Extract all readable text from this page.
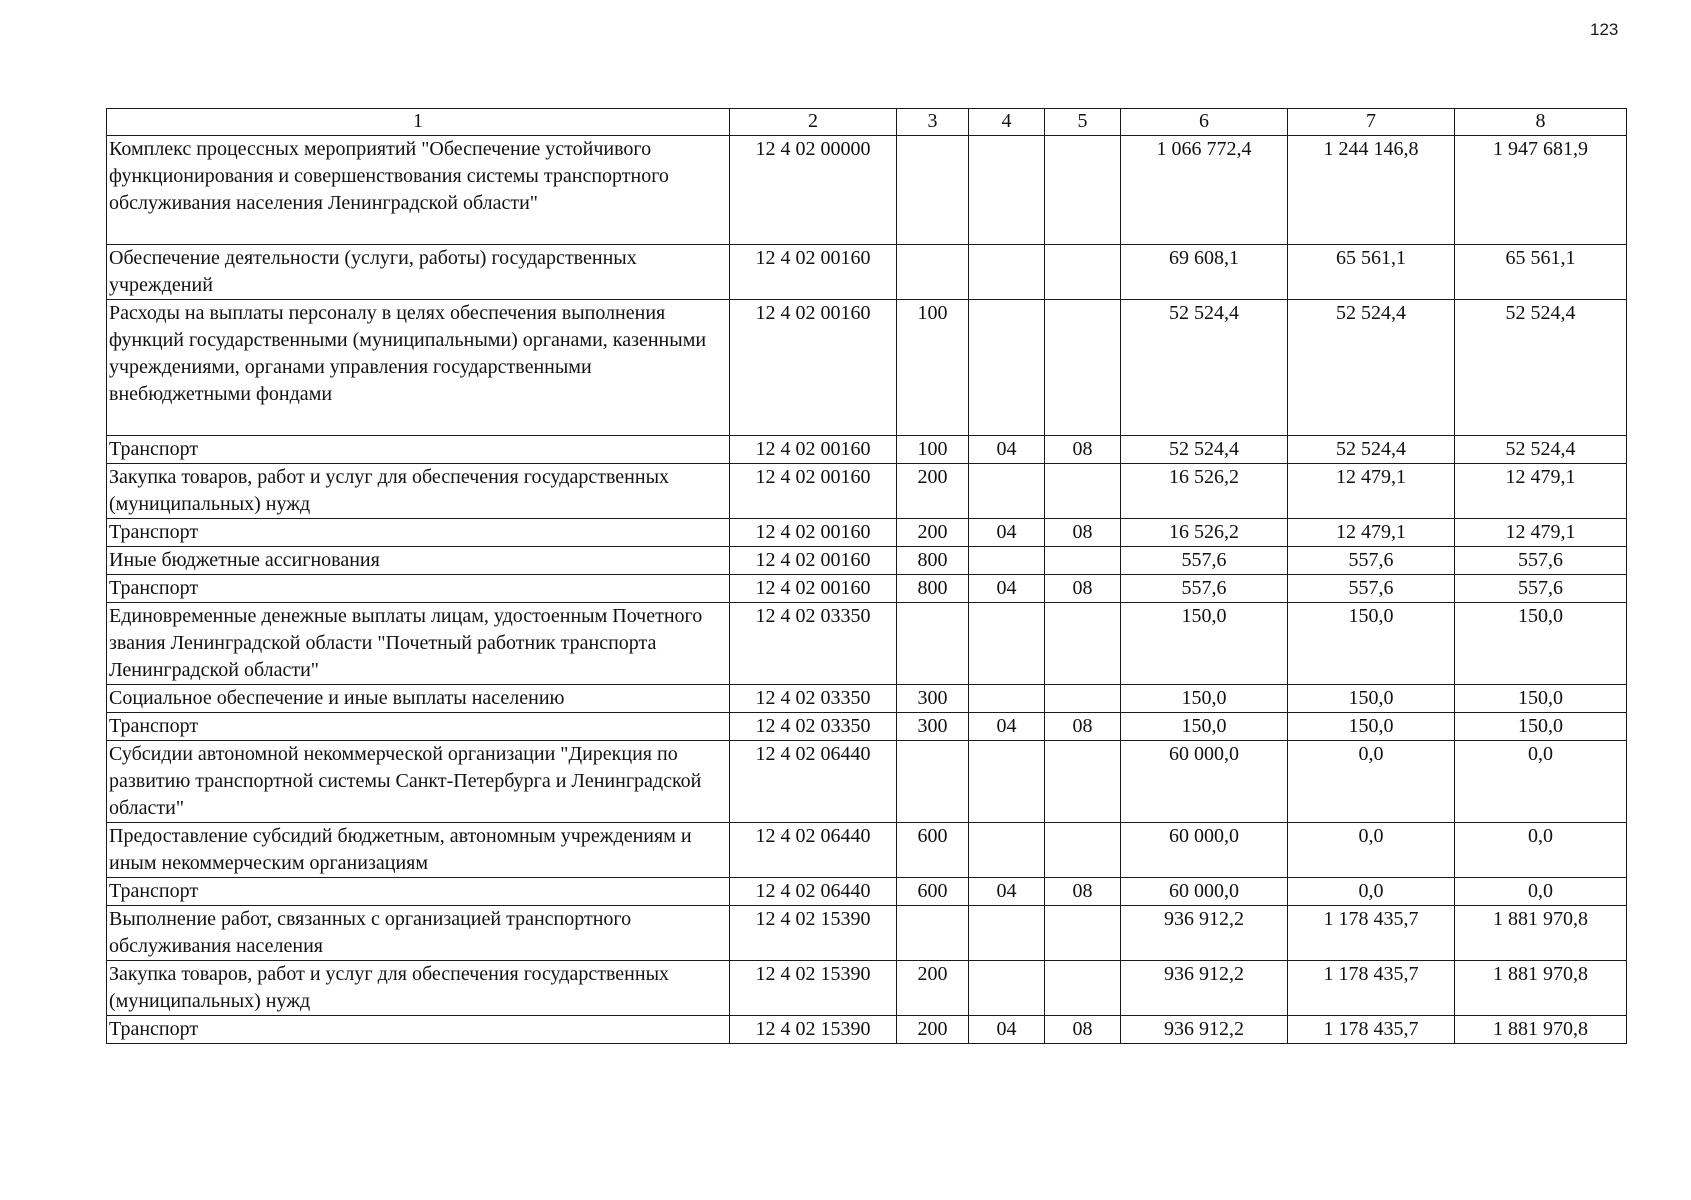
123
1	2	3	4	5	6	7	8
Комплекс процессных мероприятий "Обеспечение устойчивого функционирования и совершенствования системы транспортного обслуживания населения Ленинградской области"	12 4 02 00000				1 066 772,4	1 244 146,8	1 947 681,9
Обеспечение деятельности (услуги, работы) государственных учреждений	12 4 02 00160				69 608,1	65 561,1	65 561,1
Расходы на выплаты персоналу в целях обеспечения выполнения функций государственными (муниципальными) органами, казенными учреждениями, органами управления государственными внебюджетными фондами	12 4 02 00160	100			52 524,4	52 524,4	52 524,4
Транспорт	12 4 02 00160	100	04	08	52 524,4	52 524,4	52 524,4
Закупка товаров, работ и услуг для обеспечения государственных (муниципальных) нужд	12 4 02 00160	200			16 526,2	12 479,1	12 479,1
Транспорт	12 4 02 00160	200	04	08	16 526,2	12 479,1	12 479,1
Иные бюджетные ассигнования	12 4 02 00160	800			557,6	557,6	557,6
Транспорт	12 4 02 00160	800	04	08	557,6	557,6	557,6
Единовременные денежные выплаты лицам, удостоенным Почетного звания Ленинградской области "Почетный работник транспорта Ленинградской области"	12 4 02 03350				150,0	150,0	150,0
Социальное обеспечение и иные выплаты населению	12 4 02 03350	300			150,0	150,0	150,0
Транспорт	12 4 02 03350	300	04	08	150,0	150,0	150,0
Субсидии автономной некоммерческой организации "Дирекция по развитию транспортной системы Санкт-Петербурга и Ленинградской области"	12 4 02 06440				60 000,0	0,0	0,0
Предоставление субсидий бюджетным, автономным учреждениям и иным некоммерческим организациям	12 4 02 06440	600			60 000,0	0,0	0,0
Транспорт	12 4 02 06440	600	04	08	60 000,0	0,0	0,0
Выполнение работ, связанных с организацией транспортного обслуживания населения	12 4 02 15390				936 912,2	1 178 435,7	1 881 970,8
Закупка товаров, работ и услуг для обеспечения государственных (муниципальных) нужд	12 4 02 15390	200			936 912,2	1 178 435,7	1 881 970,8
Транспорт	12 4 02 15390	200	04	08	936 912,2	1 178 435,7	1 881 970,8
